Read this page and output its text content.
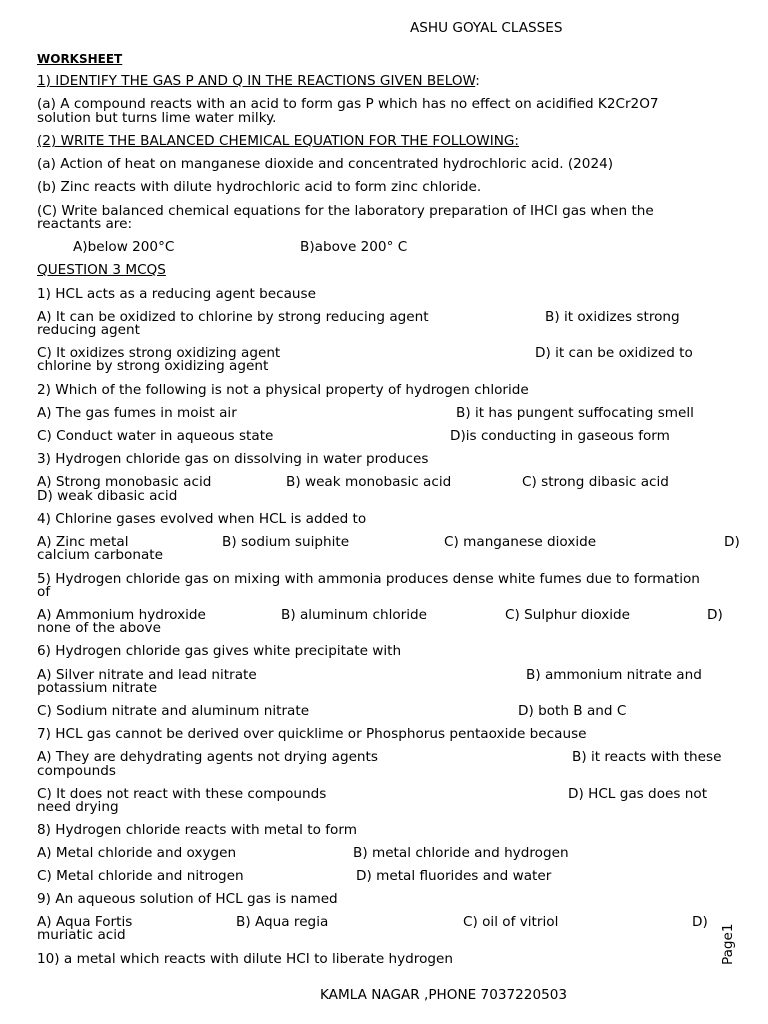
ASHU GOYAL CLASSES
WORKSHEET
1) IDENTIFY THE GAS P AND Q IN THE REACTIONS GIVEN BELOW:
(a) A compound reacts with an acid to form gas P which has no effect on acidified K2Cr2O7
solution but turns lime water milky.
(2) WRITE THE BALANCED CHEMICAL EQUATION FOR THE FOLLOWING:
(a) Action of heat on manganese dioxide and concentrated hydrochloric acid. (2024)
(b) Zinc reacts with dilute hydrochloric acid to form zinc chloride.
(C) Write balanced chemical equations for the laboratory preparation of IHCI gas when the
reactants are:
A)below 200°C	B)above 200° C
QUESTION 3 MCQS
1) HCL acts as a reducing agent because
A) It can be oxidized to chlorine by strong reducing agent	B) it oxidizes strong
reducing agent
C) It oxidizes strong oxidizing agent	D) it can be oxidized to
chlorine by strong oxidizing agent
2) Which of the following is not a physical property of hydrogen chloride
A) The gas fumes in moist air	B) it has pungent suffocating smell
C) Conduct water in aqueous state	D)is conducting in gaseous form
3) Hydrogen chloride gas on dissolving in water produces
A) Strong monobasic acid	B) weak monobasic acid	C) strong dibasic acid
D) weak dibasic acid
4) Chlorine gases evolved when HCL is added to
A) Zinc metal	B) sodium suiphite	C) manganese dioxide	D)
calcium carbonate
5) Hydrogen chloride gas on mixing with ammonia produces dense white fumes due to formation
of
A) Ammonium hydroxide	B) aluminum chloride	C) Sulphur dioxide	D)
none of the above
6) Hydrogen chloride gas gives white precipitate with
A) Silver nitrate and lead nitrate	B) ammonium nitrate and
potassium nitrate
C) Sodium nitrate and aluminum nitrate	D) both B and C
7) HCL gas cannot be derived over quicklime or Phosphorus pentaoxide because
A) They are dehydrating agents not drying agents	B) it reacts with these
compounds
C) It does not react with these compounds	D) HCL gas does not
need drying
8) Hydrogen chloride reacts with metal to form
A) Metal chloride and oxygen	B) metal chloride and hydrogen
C) Metal chloride and nitrogen	D) metal fluorides and water
9) An aqueous solution of HCL gas is named
A) Aqua Fortis	B) Aqua regia	C) oil of vitriol	D)
muriatic acid
10) a metal which reacts with dilute HCI to liberate hydrogen	Page1
KAMLA NAGAR ,PHONE 7037220503
